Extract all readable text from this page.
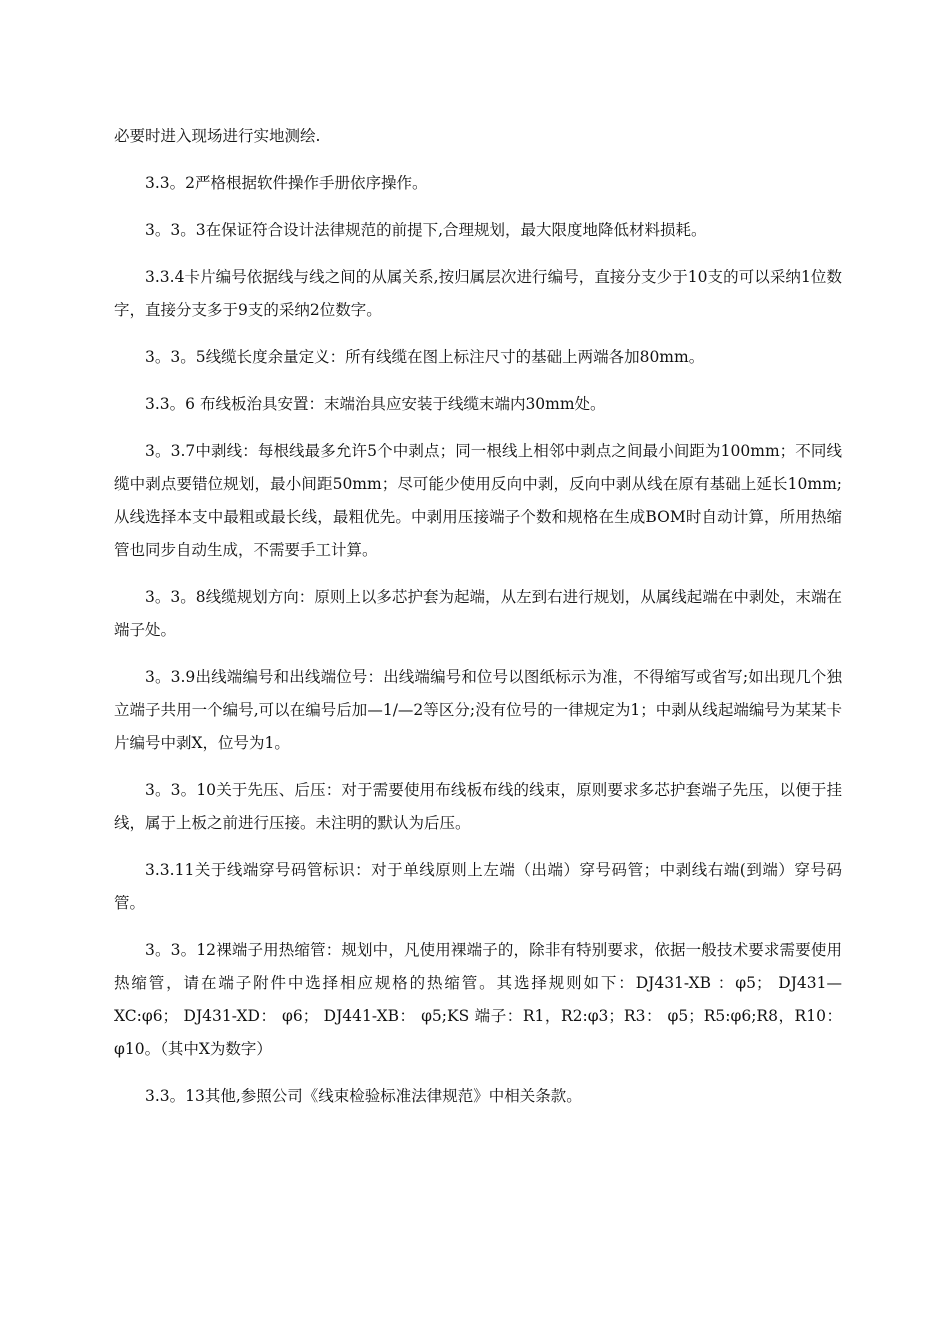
必要时进入现场进行实地测绘.

3.3。2严格根据软件操作手册依序操作。

3。3。3在保证符合设计法律规范的前提下,合理规划，最大限度地降低材料损耗。

3.3.4卡片编号依据线与线之间的从属关系,按归属层次进行编号，直接分支少于10支的可以采纳1位数字，直接分支多于9支的采纳2位数字。

3。3。5线缆长度余量定义：所有线缆在图上标注尺寸的基础上两端各加80mm。

3.3。6 布线板治具安置：末端治具应安装于线缆末端内30mm处。

3。3.7中剥线：每根线最多允许5个中剥点；同一根线上相邻中剥点之间最小间距为100mm；不同线缆中剥点要错位规划，最小间距50mm；尽可能少使用反向中剥，反向中剥从线在原有基础上延长10mm;从线选择本支中最粗或最长线，最粗优先。中剥用压接端子个数和规格在生成BOM时自动计算，所用热缩管也同步自动生成，不需要手工计算。

3。3。8线缆规划方向：原则上以多芯护套为起端，从左到右进行规划，从属线起端在中剥处，末端在端子处。

3。3.9出线端编号和出线端位号：出线端编号和位号以图纸标示为准，不得缩写或省写;如出现几个独立端子共用一个编号,可以在编号后加—1/—2等区分;没有位号的一律规定为1；中剥从线起端编号为某某卡片编号中剥X，位号为1。

3。3。10关于先压、后压：对于需要使用布线板布线的线束，原则要求多芯护套端子先压，以便于挂线，属于上板之前进行压接。未注明的默认为后压。

3.3.11关于线端穿号码管标识：对于单线原则上左端（出端）穿号码管；中剥线右端(到端）穿号码管。

3。3。12裸端子用热缩管：规划中，凡使用裸端子的，除非有特别要求，依据一般技术要求需要使用热缩管，请在端子附件中选择相应规格的热缩管。其选择规则如下：DJ431-XB ：φ5； DJ431—XC:φ6； DJ431-XD： φ6； DJ441-XB： φ5;KS 端子：R1，R2:φ3；R3： φ5；R5:φ6;R8，R10：φ10。（其中X为数字）

3.3。13其他,参照公司《线束检验标准法律规范》中相关条款。
